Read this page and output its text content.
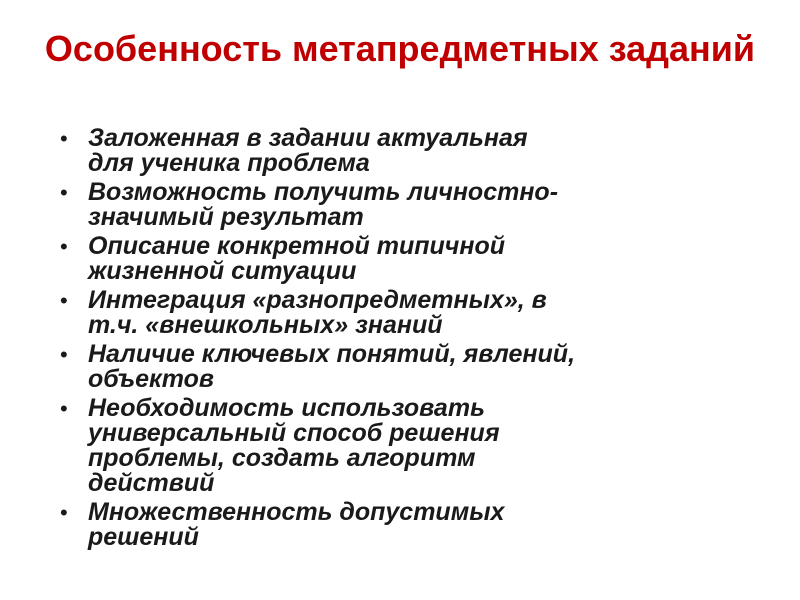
Особенность метапредметных заданий
• Заложенная в задании актуальная
для ученика проблема
• Возможность получить личностно-
значимый результат
• Описание конкретной типичной
жизненной ситуации
• Интеграция «разнопредметных», в
т.ч. «внешкольных» знаний
• Наличие ключевых понятий, явлений,
объектов
• Необходимость использовать
универсальный способ решения
проблемы, создать алгоритм
действий
• Множественность допустимых
решений
